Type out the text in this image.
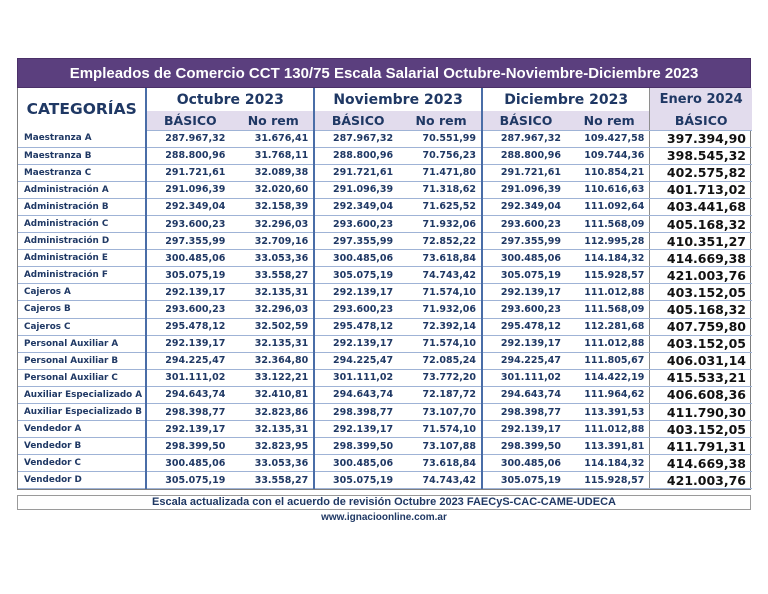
Empleados de Comercio CCT 130/75 Escala Salarial Octubre-Noviembre-Diciembre 2023
CATEGORÍAS	Octubre 2023		Noviembre 2023		Diciembre 2023		Enero 2024
	BÁSICO	No rem	BÁSICO	No rem	BÁSICO	No rem	BÁSICO
Maestranza A	287.967,32	31.676,41	287.967,32	70.551,99	287.967,32	109.427,58	397.394,90
Maestranza B	288.800,96	31.768,11	288.800,96	70.756,23	288.800,96	109.744,36	398.545,32
Maestranza C	291.721,61	32.089,38	291.721,61	71.471,80	291.721,61	110.854,21	402.575,82
Administración A	291.096,39	32.020,60	291.096,39	71.318,62	291.096,39	110.616,63	401.713,02
Administración B	292.349,04	32.158,39	292.349,04	71.625,52	292.349,04	111.092,64	403.441,68
Administración C	293.600,23	32.296,03	293.600,23	71.932,06	293.600,23	111.568,09	405.168,32
Administración D	297.355,99	32.709,16	297.355,99	72.852,22	297.355,99	112.995,28	410.351,27
Administración E	300.485,06	33.053,36	300.485,06	73.618,84	300.485,06	114.184,32	414.669,38
Administración F	305.075,19	33.558,27	305.075,19	74.743,42	305.075,19	115.928,57	421.003,76
Cajeros A	292.139,17	32.135,31	292.139,17	71.574,10	292.139,17	111.012,88	403.152,05
Cajeros B	293.600,23	32.296,03	293.600,23	71.932,06	293.600,23	111.568,09	405.168,32
Cajeros C	295.478,12	32.502,59	295.478,12	72.392,14	295.478,12	112.281,68	407.759,80
Personal Auxiliar A	292.139,17	32.135,31	292.139,17	71.574,10	292.139,17	111.012,88	403.152,05
Personal Auxiliar B	294.225,47	32.364,80	294.225,47	72.085,24	294.225,47	111.805,67	406.031,14
Personal Auxiliar C	301.111,02	33.122,21	301.111,02	73.772,20	301.111,02	114.422,19	415.533,21
Auxiliar Especializado A	294.643,74	32.410,81	294.643,74	72.187,72	294.643,74	111.964,62	406.608,36
Auxiliar Especializado B	298.398,77	32.823,86	298.398,77	73.107,70	298.398,77	113.391,53	411.790,30
Vendedor A	292.139,17	32.135,31	292.139,17	71.574,10	292.139,17	111.012,88	403.152,05
Vendedor B	298.399,50	32.823,95	298.399,50	73.107,88	298.399,50	113.391,81	411.791,31
Vendedor C	300.485,06	33.053,36	300.485,06	73.618,84	300.485,06	114.184,32	414.669,38
Vendedor D	305.075,19	33.558,27	305.075,19	74.743,42	305.075,19	115.928,57	421.003,76
Escala actualizada con el acuerdo de revisión Octubre 2023 FAECyS-CAC-CAME-UDECA
www.ignacioonline.com.ar
